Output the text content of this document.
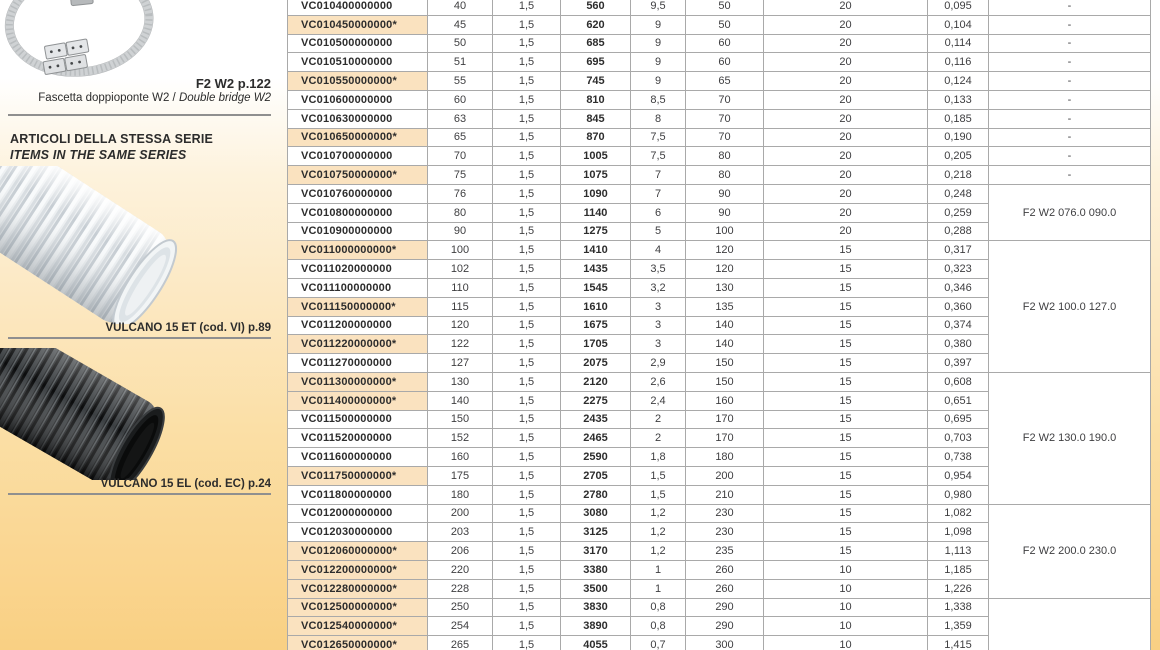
F2 W2 p.122
Fascetta doppioponte W2 / Double bridge W2
ARTICOLI DELLA STESSA SERIE
ITEMS IN THE SAME SERIES
VULCANO 15 ET (cod. VI) p.89
VULCANO 15 EL (cod. EC) p.24
VC010400000000	40	1,5	560	9,5	50	20	0,095	-
VC010450000000*	45	1,5	620	9	50	20	0,104	-
VC010500000000	50	1,5	685	9	60	20	0,114	-
VC010510000000	51	1,5	695	9	60	20	0,116	-
VC010550000000*	55	1,5	745	9	65	20	0,124	-
VC010600000000	60	1,5	810	8,5	70	20	0,133	-
VC010630000000	63	1,5	845	8	70	20	0,185	-
VC010650000000*	65	1,5	870	7,5	70	20	0,190	-
VC010700000000	70	1,5	1005	7,5	80	20	0,205	-
VC010750000000*	75	1,5	1075	7	80	20	0,218	-
VC010760000000	76	1,5	1090	7	90	20	0,248	F2 W2 076.0 090.0
VC010800000000	80	1,5	1140	6	90	20	0,259	
VC010900000000	90	1,5	1275	5	100	20	0,288	
VC011000000000*	100	1,5	1410	4	120	15	0,317	F2 W2 100.0 127.0
VC011020000000	102	1,5	1435	3,5	120	15	0,323	
VC011100000000	110	1,5	1545	3,2	130	15	0,346	
VC011150000000*	115	1,5	1610	3	135	15	0,360	
VC011200000000	120	1,5	1675	3	140	15	0,374	
VC011220000000*	122	1,5	1705	3	140	15	0,380	
VC011270000000	127	1,5	2075	2,9	150	15	0,397	
VC011300000000*	130	1,5	2120	2,6	150	15	0,608	F2 W2 130.0 190.0
VC011400000000*	140	1,5	2275	2,4	160	15	0,651	
VC011500000000	150	1,5	2435	2	170	15	0,695	
VC011520000000	152	1,5	2465	2	170	15	0,703	
VC011600000000	160	1,5	2590	1,8	180	15	0,738	
VC011750000000*	175	1,5	2705	1,5	200	15	0,954	
VC011800000000	180	1,5	2780	1,5	210	15	0,980	
VC012000000000	200	1,5	3080	1,2	230	15	1,082	F2 W2 200.0 230.0
VC012030000000	203	1,5	3125	1,2	230	15	1,098	
VC012060000000*	206	1,5	3170	1,2	235	15	1,113	
VC012200000000*	220	1,5	3380	1	260	10	1,185	
VC012280000000*	228	1,5	3500	1	260	10	1,226	
VC012500000000*	250	1,5	3830	0,8	290	10	1,338	
VC012540000000*	254	1,5	3890	0,8	290	10	1,359	
VC012650000000*	265	1,5	4055	0,7	300	10	1,415	
